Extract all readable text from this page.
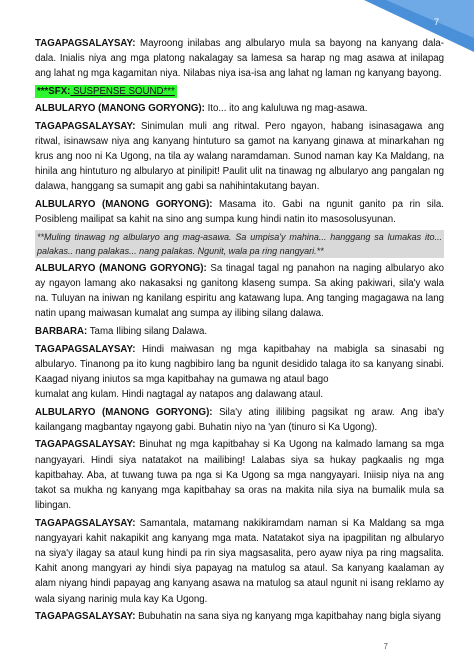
7

TAGAPAGSALAYSAY: Mayroong inilabas ang albularyo mula sa bayong na kanyang dala-dala. Inialis niya ang mga platong nakalagay sa lamesa sa harap ng mag asawa at inilapag ang lahat ng mga kagamitan niya. Nilabas niya isa-isa ang lahat ng laman ng kanyang bayong.

***SFX: SUSPENSE SOUND***

ALBULARYO (MANONG GORYONG): Ito... ito ang kaluluwa ng mag-asawa.

TAGAPAGSALAYSAY: Sinimulan muli ang ritwal. Pero ngayon, habang isinasagawa ang ritwal, isinawsaw niya ang kanyang hintuturo sa gamot na kanyang ginawa at minarkahan ng krus ang noo ni Ka Ugong, na tila ay walang naramdaman. Sunod naman kay Ka Maldang, na hinila ang hintuturo ng albularyo at pinilipit! Paulit ulit na tinawag ng albularyo ang pangalan ng dalawa, hanggang sa sumapit ang gabi sa nahihintakutang bayan.

ALBULARYO (MANONG GORYONG): Masama ito. Gabi na ngunit ganito pa rin sila. Posibleng mailipat sa kahit na sino ang sumpa kung hindi natin ito masosolusyunan.

**Muling tinawag ng albularyo ang mag-asawa. Sa umpisa'y mahina... hanggang sa lumakas ito... palakas.. nang palakas... nang palakas. Ngunit, wala pa ring nangyari.**

ALBULARYO (MANONG GORYONG): Sa tinagal tagal ng panahon na naging albularyo ako ay ngayon lamang ako nakasaksi ng ganitong klaseng sumpa. Sa aking pakiwari, sila'y wala na. Tuluyan na iniwan ng kanilang espiritu ang katawang lupa. Ang tanging magagawa na lang natin upang maiwasan kumalat ang sumpa ay ilibing silang dalawa.

BARBARA: Tama Ilibing silang Dalawa.

TAGAPAGSALAYSAY: Hindi maiwasan ng mga kapitbahay na mabigla sa sinasabi ng albularyo. Tinanong pa ito kung nagbibiro lang ba ngunit desidido talaga ito sa kanyang sinabi. Kaagad niyang iniutos sa mga kapitbahay na gumawa ng ataul bago

kumalat ang kulam. Hindi nagtagal ay natapos ang dalawang ataul.

ALBULARYO (MANONG GORYONG): Sila'y ating ililibing pagsikat ng araw. Ang iba'y kailangang magbantay ngayong gabi. Buhatin niyo na 'yan (tinuro si Ka Ugong).

TAGAPAGSALAYSAY: Binuhat ng mga kapitbahay si Ka Ugong na kalmado lamang sa mga nangyayari. Hindi siya natatakot na mailibing! Lalabas siya sa hukay pagkaalis ng mga kapitbahay. Aba, at tuwang tuwa pa nga si Ka Ugong sa mga nangyayari. Iniisip niya na ang takot sa mukha ng kanyang mga kapitbahay sa oras na makita nila siya na bumalik mula sa libingan.

TAGAPAGSALAYSAY: Samantala, matamang nakikiramdam naman si Ka Maldang sa mga nangyayari kahit nakapikit ang kanyang mga mata. Natatakot siya na ipagpilitan ng albularyo na siya'y ilagay sa ataul kung hindi pa rin siya magsasalita, pero ayaw niya pa ring magsalita. Kahit anong mangyari ay hindi siya papayag na matulog sa ataul. Sa kanyang kaalaman ay alam niyang hindi papayag ang kanyang asawa na matulog sa ataul ngunit ni isang reklamo ay wala siyang narinig mula kay Ka Ugong.

TAGAPAGSALAYSAY: Bubuhatin na sana siya ng kanyang mga kapitbahay nang bigla siyang

7
